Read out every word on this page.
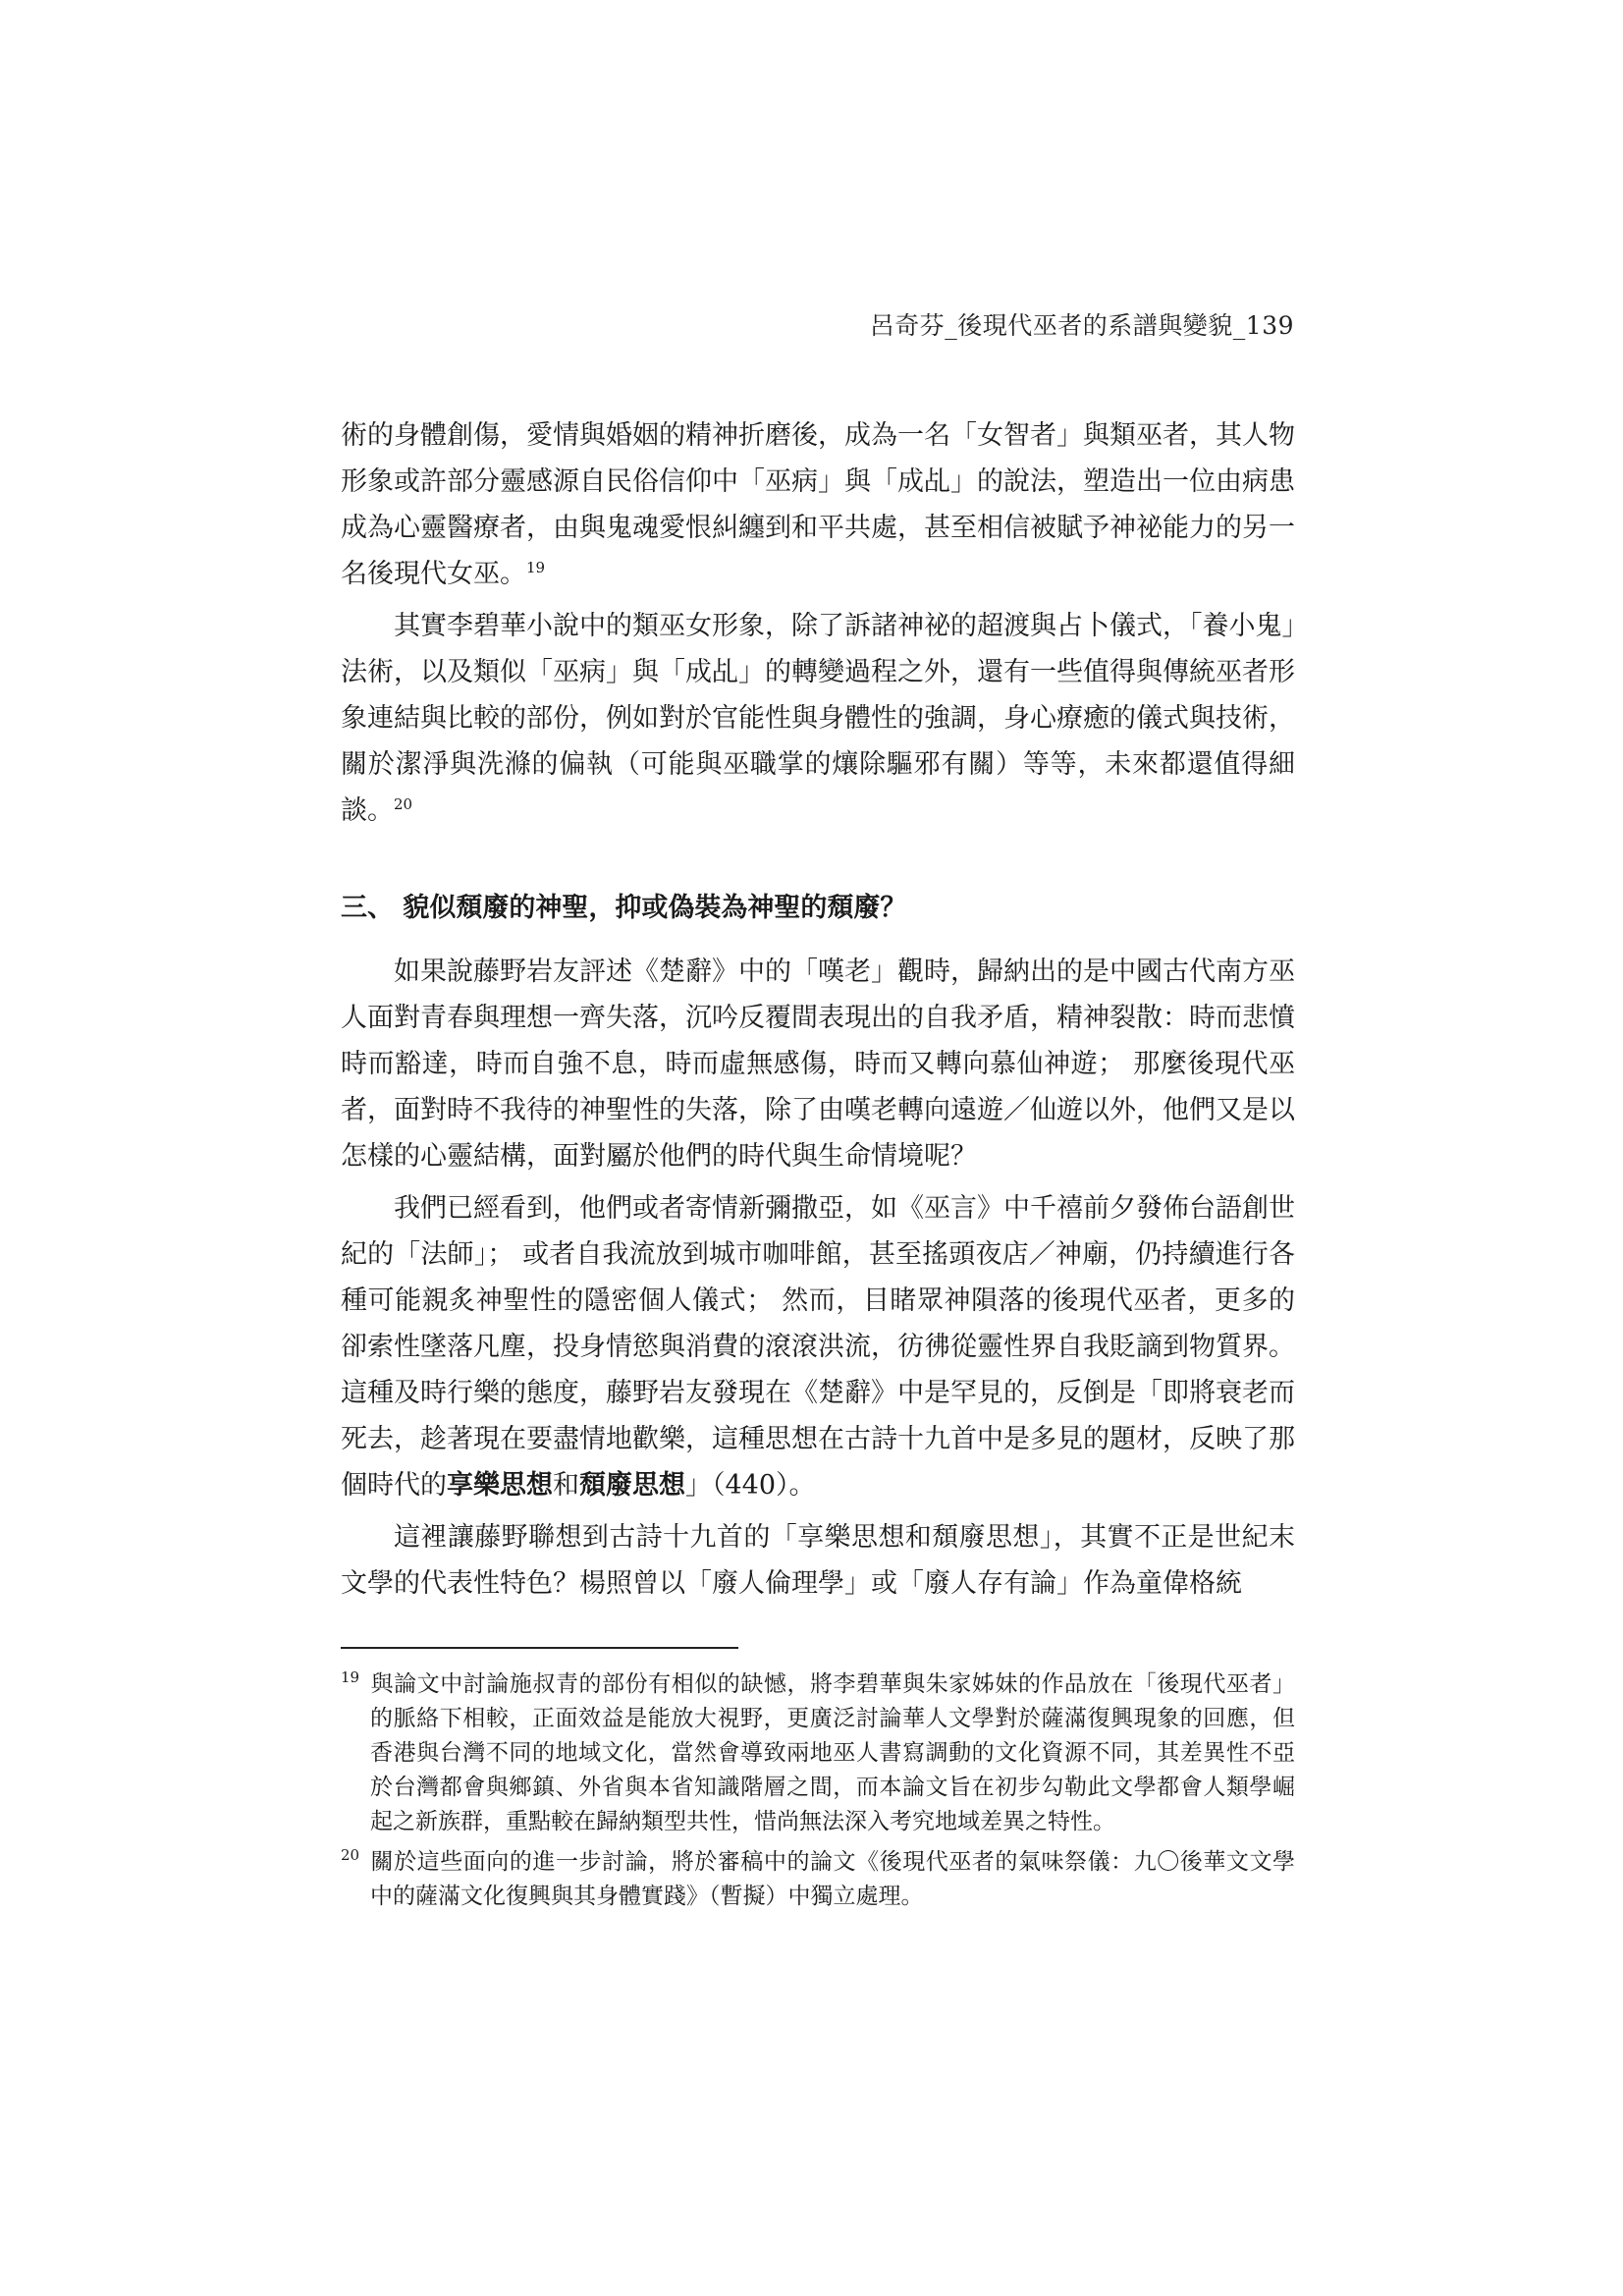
呂奇芬_後現代巫者的系譜與變貌_139

術的身體創傷，愛情與婚姻的精神折磨後，成為一名「女智者」與類巫者，其人物形象或許部分靈感源自民俗信仰中「巫病」與「成乩」的說法，塑造出一位由病患成為心靈醫療者，由與鬼魂愛恨糾纏到和平共處，甚至相信被賦予神祕能力的另一名後現代女巫。$^{19}$

其實李碧華小說中的類巫女形象，除了訴諸神祕的超渡與占卜儀式，「養小鬼」法術，以及類似「巫病」與「成乩」的轉變過程之外，還有一些值得與傳統巫者形象連結與比較的部份，例如對於官能性與身體性的強調，身心療癒的儀式與技術，關於潔淨與洗滌的偏執（可能與巫職掌的爙除驅邪有關）等等，未來都還值得細談。$^{20}$

三、 貌似頹廢的神聖，抑或偽裝為神聖的頹廢？

如果說藤野岩友評述《楚辭》中的「嘆老」觀時，歸納出的是中國古代南方巫人面對青春與理想一齊失落，沉吟反覆間表現出的自我矛盾，精神裂散：時而悲憤時而豁達，時而自強不息，時而虛無感傷，時而又轉向慕仙神遊； 那麼後現代巫者，面對時不我待的神聖性的失落，除了由嘆老轉向遠遊／仙遊以外，他們又是以怎樣的心靈結構，面對屬於他們的時代與生命情境呢？

我們已經看到，他們或者寄情新彌撒亞，如《巫言》中千禧前夕發佈台語創世紀的「法師」； 或者自我流放到城市咖啡館，甚至搖頭夜店／神廟，仍持續進行各種可能親炙神聖性的隱密個人儀式； 然而，目睹眾神隕落的後現代巫者，更多的卻索性墜落凡塵，投身情慾與消費的滾滾洪流，彷彿從靈性界自我貶謫到物質界。這種及時行樂的態度，藤野岩友發現在《楚辭》中是罕見的，反倒是「即將衰老而死去，趁著現在要盡情地歡樂，這種思想在古詩十九首中是多見的題材，反映了那個時代的享樂思想和頹廢思想」（440）。

這裡讓藤野聯想到古詩十九首的「享樂思想和頹廢思想」，其實不正是世紀末文學的代表性特色？楊照曾以「廢人倫理學」或「廢人存有論」作為童偉格統

19 與論文中討論施叔青的部份有相似的缺憾，將李碧華與朱家姊妹的作品放在「後現代巫者」的脈絡下相較，正面效益是能放大視野，更廣泛討論華人文學對於薩滿復興現象的回應，但香港與台灣不同的地域文化，當然會導致兩地巫人書寫調動的文化資源不同，其差異性不亞於台灣都會與鄉鎮、外省與本省知識階層之間，而本論文旨在初步勾勒此文學都會人類學崛起之新族群，重點較在歸納類型共性，惜尚無法深入考究地域差異之特性。

20 關於這些面向的進一步討論，將於審稿中的論文《後現代巫者的氣味祭儀：九〇後華文文學中的薩滿文化復興與其身體實踐》（暫擬）中獨立處理。
